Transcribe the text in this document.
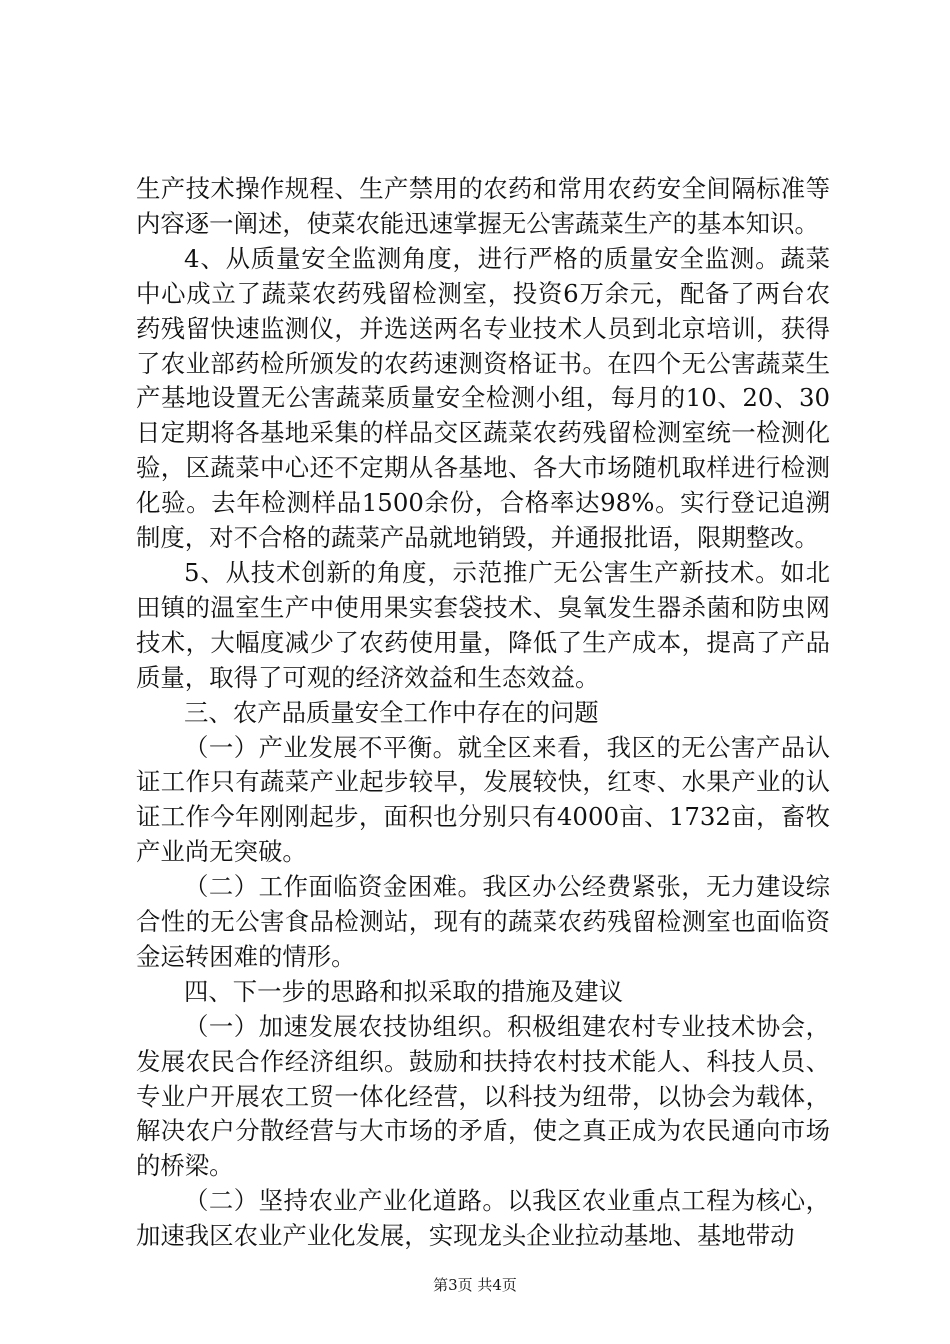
生产技术操作规程、生产禁用的农药和常用农药安全间隔标准等内容逐一阐述，使菜农能迅速掌握无公害蔬菜生产的基本知识。

4、从质量安全监测角度，进行严格的质量安全监测。蔬菜中心成立了蔬菜农药残留检测室，投资6万余元，配备了两台农药残留快速监测仪，并选送两名专业技术人员到北京培训，获得了农业部药检所颁发的农药速测资格证书。在四个无公害蔬菜生产基地设置无公害蔬菜质量安全检测小组，每月的10、20、30日定期将各基地采集的样品交区蔬菜农药残留检测室统一检测化验，区蔬菜中心还不定期从各基地、各大市场随机取样进行检测化验。去年检测样品1500余份，合格率达98%。实行登记追溯制度，对不合格的蔬菜产品就地销毁，并通报批语，限期整改。

5、从技术创新的角度，示范推广无公害生产新技术。如北田镇的温室生产中使用果实套袋技术、臭氧发生器杀菌和防虫网技术，大幅度减少了农药使用量，降低了生产成本，提高了产品质量，取得了可观的经济效益和生态效益。

三、农产品质量安全工作中存在的问题

（一）产业发展不平衡。就全区来看，我区的无公害产品认证工作只有蔬菜产业起步较早，发展较快，红枣、水果产业的认证工作今年刚刚起步，面积也分别只有4000亩、1732亩，畜牧产业尚无突破。

（二）工作面临资金困难。我区办公经费紧张，无力建设综合性的无公害食品检测站，现有的蔬菜农药残留检测室也面临资金运转困难的情形。

四、下一步的思路和拟采取的措施及建议

（一）加速发展农技协组织。积极组建农村专业技术协会，发展农民合作经济组织。鼓励和扶持农村技术能人、科技人员、专业户开展农工贸一体化经营，以科技为纽带，以协会为载体，解决农户分散经营与大市场的矛盾，使之真正成为农民通向市场的桥梁。

（二）坚持农业产业化道路。以我区农业重点工程为核心，加速我区农业产业化发展，实现龙头企业拉动基地、基地带动

第3页 共4页
